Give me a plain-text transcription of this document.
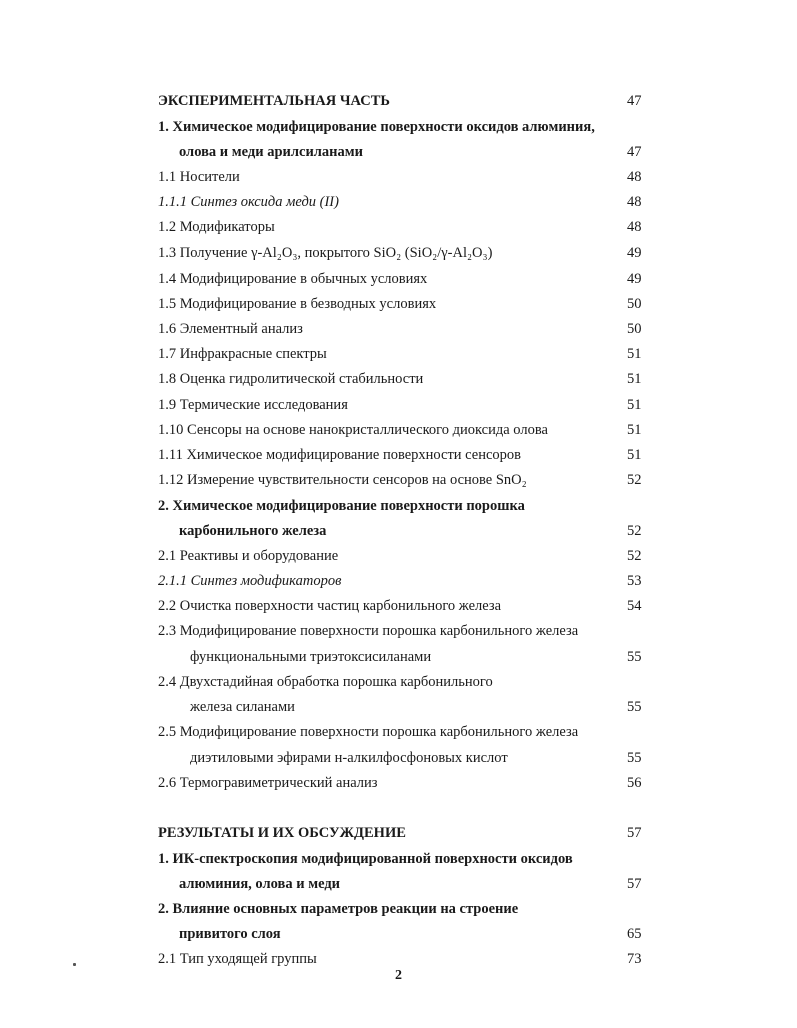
ЭКСПЕРИМЕНТАЛЬНАЯ ЧАСТЬ	47
1. Химическое модифицирование поверхности оксидов алюминия,
олова и меди арилсиланами	47
1.1 Носители	48
1.1.1 Синтез оксида меди (II)	48
1.2 Модификаторы	48
1.3 Получение γ-Al₂O₃, покрытого SiO₂ (SiO₂/γ-Al₂O₃)	49
1.4 Модифицирование в обычных условиях	49
1.5 Модифицирование в безводных условиях	50
1.6 Элементный анализ	50
1.7 Инфракрасные спектры	51
1.8 Оценка гидролитической стабильности	51
1.9 Термические исследования	51
1.10 Сенсоры на основе нанокристаллического диоксида олова	51
1.11 Химическое модифицирование поверхности сенсоров	51
1.12 Измерение чувствительности сенсоров на основе SnO₂	52
2. Химическое модифицирование поверхности порошка
карбонильного железа	52
2.1 Реактивы и оборудование	52
2.1.1 Синтез модификаторов	53
2.2 Очистка поверхности частиц карбонильного железа	54
2.3 Модифицирование поверхности порошка карбонильного железа
функциональными триэтоксисиланами	55
2.4 Двухстадийная обработка порошка карбонильного
железа силанами	55
2.5 Модифицирование поверхности порошка карбонильного железа
диэтиловыми эфирами н-алкилфосфоновых кислот	55
2.6 Термогравиметрический анализ	56
РЕЗУЛЬТАТЫ И ИХ ОБСУЖДЕНИЕ	57
1. ИК-спектроскопия модифицированной поверхности оксидов
алюминия, олова и меди	57
2. Влияние основных параметров реакции на строение
привитого слоя	65
2.1 Тип уходящей группы	73
2
